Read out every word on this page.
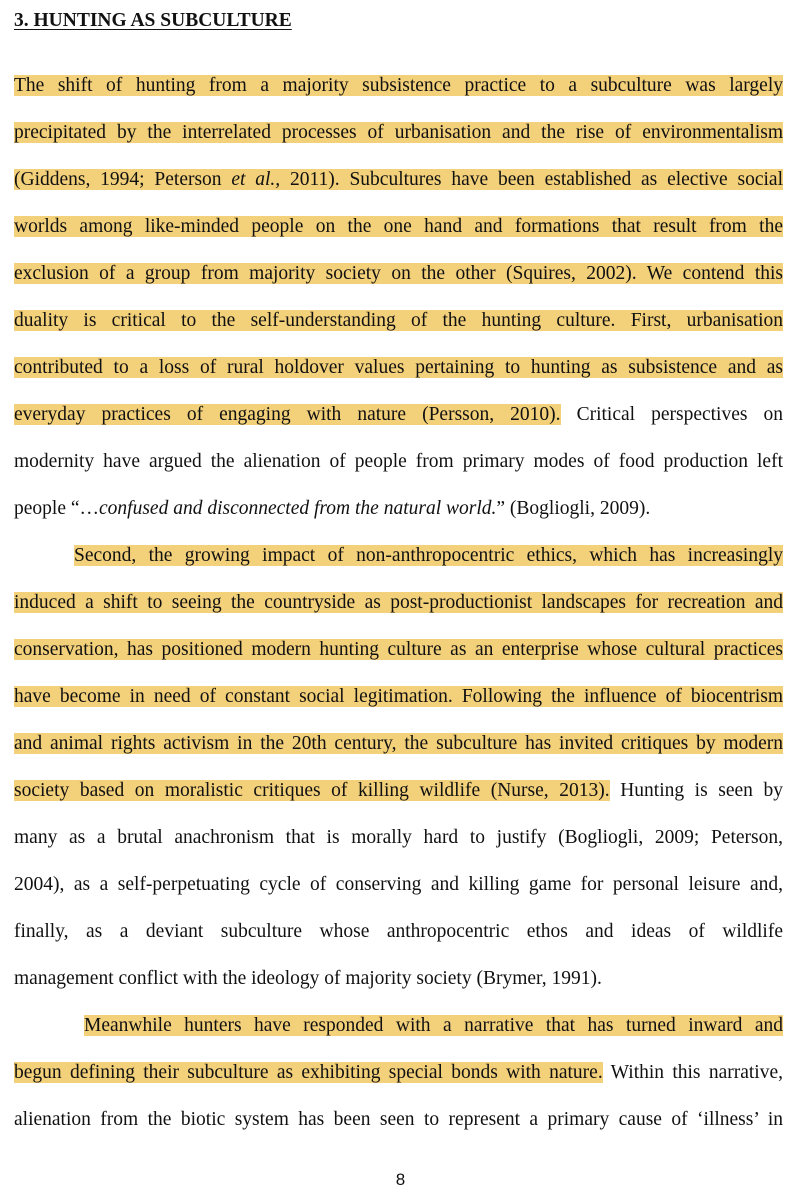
3. HUNTING AS SUBCULTURE
The shift of hunting from a majority subsistence practice to a subculture was largely
precipitated by the interrelated processes of urbanisation and the rise of environmentalism
(Giddens, 1994; Peterson et al., 2011). Subcultures have been established as elective social
worlds among like-minded people on the one hand and formations that result from the
exclusion of a group from majority society on the other (Squires, 2002). We contend this
duality is critical to the self-understanding of the hunting culture. First, urbanisation
contributed to a loss of rural holdover values pertaining to hunting as subsistence and as
everyday practices of engaging with nature (Persson, 2010). Critical perspectives on
modernity have argued the alienation of people from primary modes of food production left
people “…confused and disconnected from the natural world.” (Bogliogli, 2009).
Second, the growing impact of non-anthropocentric ethics, which has increasingly
induced a shift to seeing the countryside as post-productionist landscapes for recreation and
conservation, has positioned modern hunting culture as an enterprise whose cultural practices
have become in need of constant social legitimation. Following the influence of biocentrism
and animal rights activism in the 20th century, the subculture has invited critiques by modern
society based on moralistic critiques of killing wildlife (Nurse, 2013). Hunting is seen by
many as a brutal anachronism that is morally hard to justify (Bogliogli, 2009; Peterson,
2004), as a self-perpetuating cycle of conserving and killing game for personal leisure and,
finally, as a deviant subculture whose anthropocentric ethos and ideas of wildlife
management conflict with the ideology of majority society (Brymer, 1991).
Meanwhile hunters have responded with a narrative that has turned inward and
begun defining their subculture as exhibiting special bonds with nature. Within this narrative,
alienation from the biotic system has been seen to represent a primary cause of ‘illness’ in
8
